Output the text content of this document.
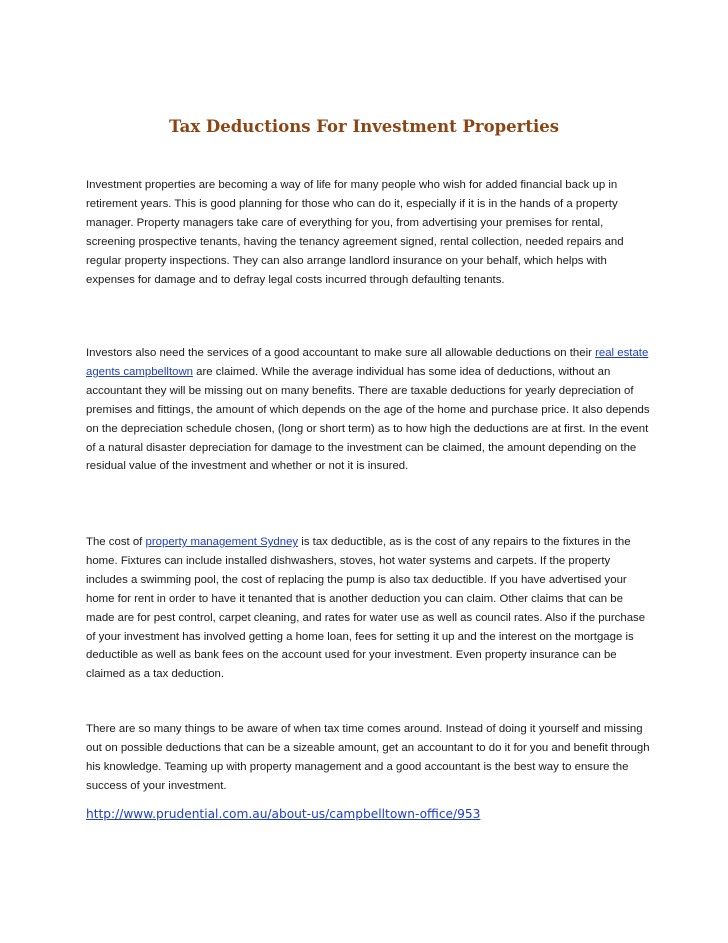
Tax Deductions For Investment Properties

Investment properties are becoming a way of life for many people who wish for added financial back up in retirement years. This is good planning for those who can do it, especially if it is in the hands of a property manager. Property managers take care of everything for you, from advertising your premises for rental, screening prospective tenants, having the tenancy agreement signed, rental collection, needed repairs and regular property inspections. They can also arrange landlord insurance on your behalf, which helps with expenses for damage and to defray legal costs incurred through defaulting tenants.

Investors also need the services of a good accountant to make sure all allowable deductions on their real estate agents campbelltown are claimed. While the average individual has some idea of deductions, without an accountant they will be missing out on many benefits. There are taxable deductions for yearly depreciation of premises and fittings, the amount of which depends on the age of the home and purchase price. It also depends on the depreciation schedule chosen, (long or short term) as to how high the deductions are at first. In the event of a natural disaster depreciation for damage to the investment can be claimed, the amount depending on the residual value of the investment and whether or not it is insured.

The cost of property management Sydney is tax deductible, as is the cost of any repairs to the fixtures in the home. Fixtures can include installed dishwashers, stoves, hot water systems and carpets. If the property includes a swimming pool, the cost of replacing the pump is also tax deductible. If you have advertised your home for rent in order to have it tenanted that is another deduction you can claim. Other claims that can be made are for pest control, carpet cleaning, and rates for water use as well as council rates. Also if the purchase of your investment has involved getting a home loan, fees for setting it up and the interest on the mortgage is deductible as well as bank fees on the account used for your investment. Even property insurance can be claimed as a tax deduction.

There are so many things to be aware of when tax time comes around. Instead of doing it yourself and missing out on possible deductions that can be a sizeable amount, get an accountant to do it for you and benefit through his knowledge. Teaming up with property management and a good accountant is the best way to ensure the success of your investment.

http://www.prudential.com.au/about-us/campbelltown-office/953
